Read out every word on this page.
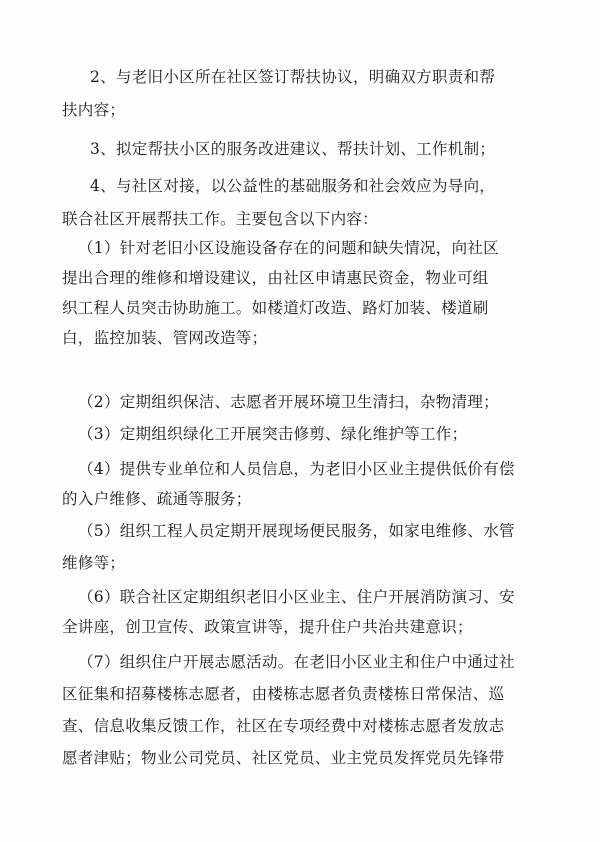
2、与老旧小区所在社区签订帮扶协议，明确双方职责和帮
扶内容；
3、拟定帮扶小区的服务改进建议、帮扶计划、工作机制；
4、与社区对接，以公益性的基础服务和社会效应为导向，
联合社区开展帮扶工作。主要包含以下内容：
（1）针对老旧小区设施设备存在的问题和缺失情况，向社区
提出合理的维修和增设建议，由社区申请惠民资金，物业可组
织工程人员突击协助施工。如楼道灯改造、路灯加装、楼道刷
白，监控加装、管网改造等；
（2）定期组织保洁、志愿者开展环境卫生清扫，杂物清理；
（3）定期组织绿化工开展突击修剪、绿化维护等工作；
（4）提供专业单位和人员信息，为老旧小区业主提供低价有偿
的入户维修、疏通等服务；
（5）组织工程人员定期开展现场便民服务，如家电维修、水管
维修等；
（6）联合社区定期组织老旧小区业主、住户开展消防演习、安
全讲座，创卫宣传、政策宣讲等，提升住户共治共建意识；
（7）组织住户开展志愿活动。在老旧小区业主和住户中通过社
区征集和招募楼栋志愿者，由楼栋志愿者负责楼栋日常保洁、巡
查、信息收集反馈工作，社区在专项经费中对楼栋志愿者发放志
愿者津贴；物业公司党员、社区党员、业主党员发挥党员先锋带
